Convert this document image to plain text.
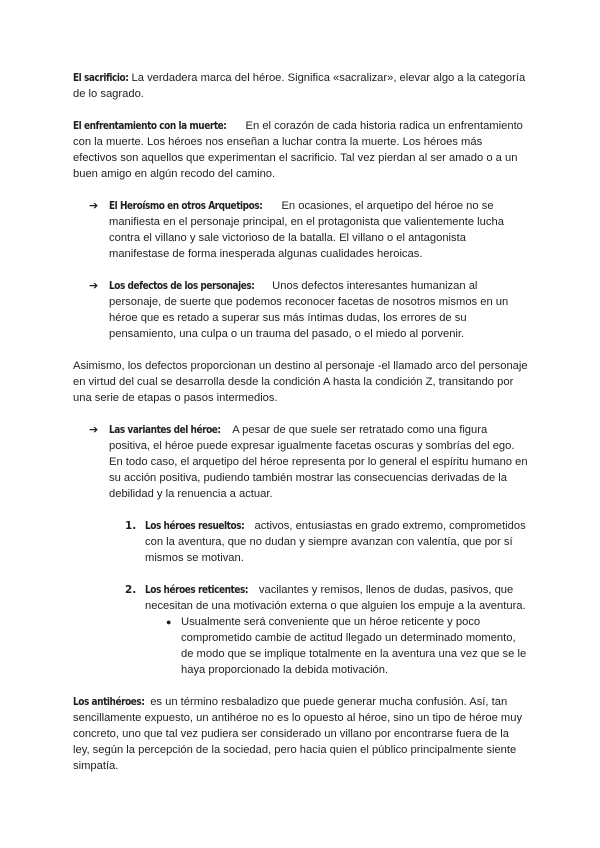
El sacrificio: La verdadera marca del héroe. Significa «sacralizar», elevar algo a la categoría de lo sagrado.

El enfrentamiento con la muerte: En el corazón de cada historia radica un enfrentamiento con la muerte. Los héroes nos enseñan a luchar contra la muerte. Los héroes más efectivos son aquellos que experimentan el sacrificio. Tal vez pierdan al ser amado o a un buen amigo en algún recodo del camino.

➔ El Heroísmo en otros Arquetipos: En ocasiones, el arquetipo del héroe no se manifiesta en el personaje principal, en el protagonista que valientemente lucha contra el villano y sale victorioso de la batalla. El villano o el antagonista manifestase de forma inesperada algunas cualidades heroicas.
➔ Los defectos de los personajes: Unos defectos interesantes humanizan al personaje, de suerte que podemos reconocer facetas de nosotros mismos en un héroe que es retado a superar sus más íntimas dudas, los errores de su pensamiento, una culpa o un trauma del pasado, o el miedo al porvenir.

Asimismo, los defectos proporcionan un destino al personaje -el llamado arco del personaje en virtud del cual se desarrolla desde la condición A hasta la condición Z, transitando por una serie de etapas o pasos intermedios.

➔ Las variantes del héroe: A pesar de que suele ser retratado como una figura positiva, el héroe puede expresar igualmente facetas oscuras y sombrías del ego. En todo caso, el arquetipo del héroe representa por lo general el espíritu humano en su acción positiva, pudiendo también mostrar las consecuencias derivadas de la debilidad y la renuencia a actuar.
1. Los héroes resueltos: activos, entusiastas en grado extremo, comprometidos con la aventura, que no dudan y siempre avanzan con valentía, que por sí mismos se motivan.
2. Los héroes reticentes: vacilantes y remisos, llenos de dudas, pasivos, que necesitan de una motivación externa o que alguien los empuje a la aventura.
● Usualmente será conveniente que un héroe reticente y poco comprometido cambie de actitud llegado un determinado momento, de modo que se implique totalmente en la aventura una vez que se le haya proporcionado la debida motivación.

Los antihéroes: es un término resbaladizo que puede generar mucha confusión. Así, tan sencillamente expuesto, un antihéroe no es lo opuesto al héroe, sino un tipo de héroe muy concreto, uno que tal vez pudiera ser considerado un villano por encontrarse fuera de la ley, según la percepción de la sociedad, pero hacia quien el público principalmente siente simpatía.
